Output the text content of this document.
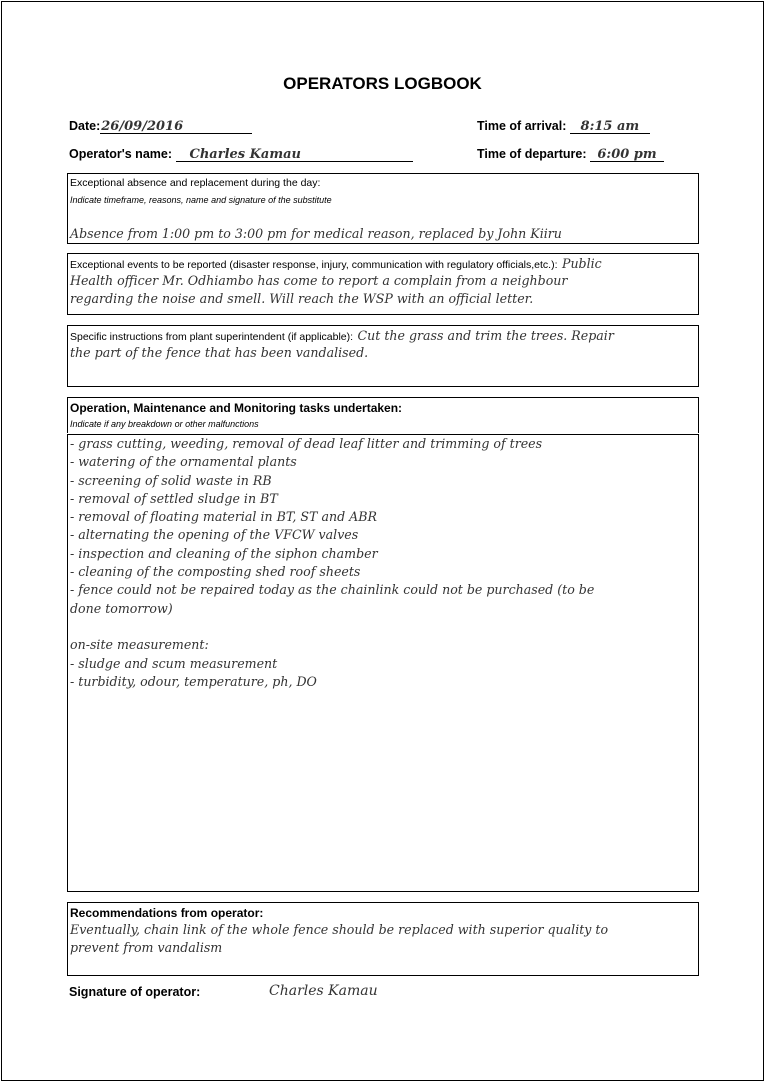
OPERATORS LOGBOOK
Date:26/09/2016	Time of arrival: 8:15 am
Operator's name: Charles Kamau	Time of departure: 6:00 pm
Exceptional absence and replacement during the day:
Indicate timeframe, reasons, name and signature of the substitute
Absence from 1:00 pm to 3:00 pm for medical reason, replaced by John Kiiru
Exceptional events to be reported (disaster response, injury, communication with regulatory officials,etc.): Public
Health officer Mr. Odhiambo has come to report a complain from a neighbour
regarding the noise and smell. Will reach the WSP with an official letter.
Specific instructions from plant superintendent (if applicable): Cut the grass and trim the trees. Repair
the part of the fence that has been vandalised.
Operation, Maintenance and Monitoring tasks undertaken:
Indicate if any breakdown or other malfunctions
- grass cutting, weeding, removal of dead leaf litter and trimming of trees
- watering of the ornamental plants
- screening of solid waste in RB
- removal of settled sludge in BT
- removal of floating material in BT, ST and ABR
- alternating the opening of the VFCW valves
- inspection and cleaning of the siphon chamber
- cleaning of the composting shed roof sheets
- fence could not be repaired today as the chainlink could not be purchased (to be
done tomorrow)
on-site measurement:
- sludge and scum measurement
- turbidity, odour, temperature, ph, DO
Recommendations from operator:
Eventually, chain link of the whole fence should be replaced with superior quality to
prevent from vandalism
Signature of operator:	Charles Kamau
